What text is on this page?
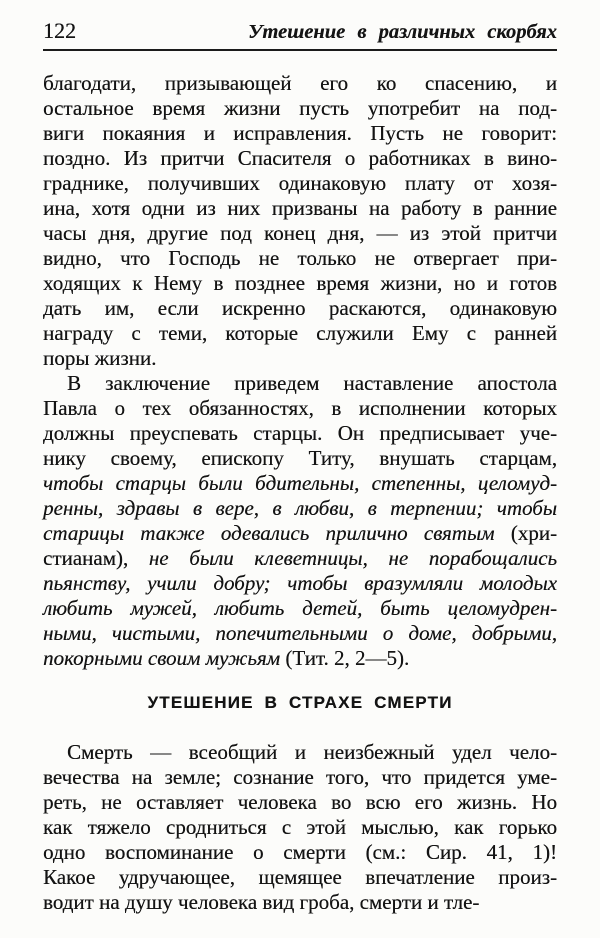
122	Утешение в различных скорбях
благодати, призывающей его ко спасению, и
остальное время жизни пусть употребит на под-
виги покаяния и исправления. Пусть не говорит:
поздно. Из притчи Спасителя о работниках в вино-
граднике, получивших одинаковую плату от хозя-
ина, хотя одни из них призваны на работу в ранние
часы дня, другие под конец дня, — из этой притчи
видно, что Господь не только не отвергает при-
ходящих к Нему в позднее время жизни, но и готов
дать им, если искренно раскаются, одинаковую
награду с теми, которые служили Ему с ранней
поры жизни.
В заключение приведем наставление апостола
Павла о тех обязанностях, в исполнении которых
должны преуспевать старцы. Он предписывает уче-
нику своему, епископу Титу, внушать старцам,
чтобы старцы были бдительны, степенны, целомуд-
ренны, здравы в вере, в любви, в терпении; чтобы
старицы также одевались прилично святым (хри-
стианам), не были клеветницы, не порабощались
пьянству, учили добру; чтобы вразумляли молодых
любить мужей, любить детей, быть целомудрен-
ными, чистыми, попечительными о доме, добрыми,
покорными своим мужьям (Тит. 2, 2—5).
УТЕШЕНИЕ В СТРАХЕ СМЕРТИ
Смерть — всеобщий и неизбежный удел чело-
вечества на земле; сознание того, что придется уме-
реть, не оставляет человека во всю его жизнь. Но
как тяжело сродниться с этой мыслью, как горько
одно воспоминание о смерти (см.: Сир. 41, 1)!
Какое удручающее, щемящее впечатление произ-
водит на душу человека вид гроба, смерти и тле-
